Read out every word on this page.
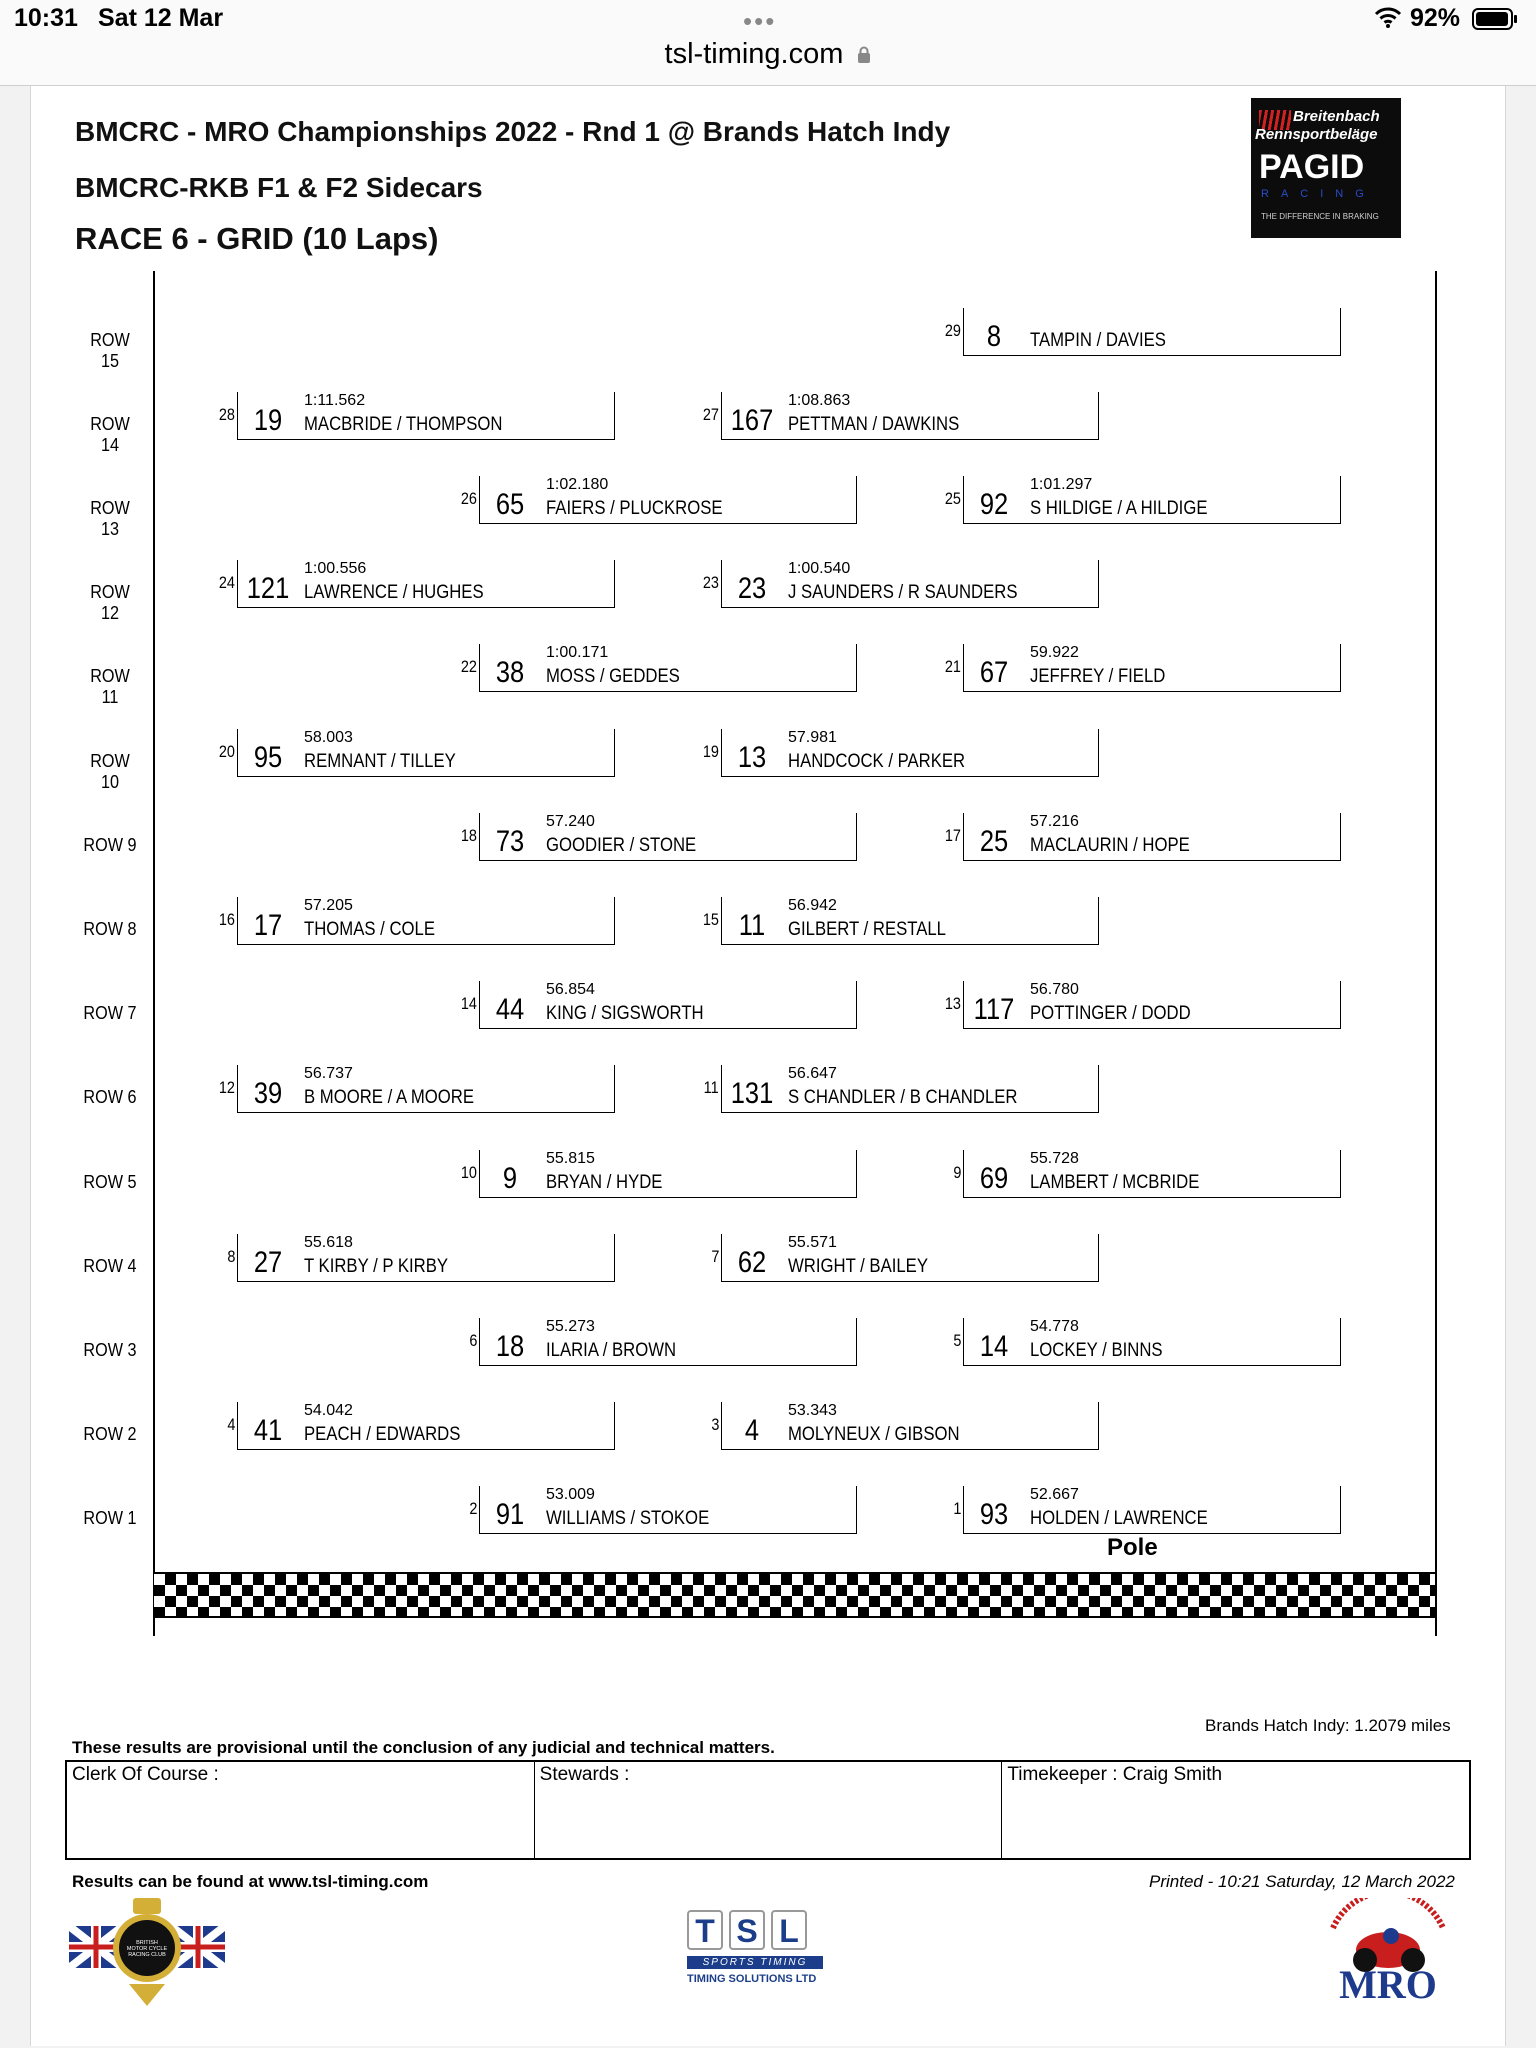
10:31 Sat 12 Mar	•••
tsl-timing.com
92%
BMCRC - MRO Championships 2022 - Rnd 1 @ Brands Hatch Indy
BMCRC-RKB F1 & F2 Sidecars
RACE 6 - GRID (10 Laps)
Breitenbach
Rennsportbeläge
PAGID
RACING
THE DIFFERENCE IN BRAKING
ROW 15
ROW 14
ROW 13
ROW 12
ROW 11
ROW 10
ROW 9
ROW 8
ROW 7
ROW 6
ROW 5
ROW 4
ROW 3
ROW 2
ROW 1
29 8	TAMPIN / DAVIES
28 19
1:11.562
MACBRIDE / THOMPSON	27 167
1:08.863
PETTMAN / DAWKINS
26 65
1:02.180
FAIERS / PLUCKROSE	25 92
1:01.297
S HILDIGE / A HILDIGE
24 121
1:00.556
LAWRENCE / HUGHES	23 23
1:00.540
J SAUNDERS / R SAUNDERS
22 38
1:00.171
MOSS / GEDDES	21 67
59.922
JEFFREY / FIELD
20 95
58.003
REMNANT / TILLEY	19 13
57.981
HANDCOCK / PARKER
18 73
57.240
GOODIER / STONE	17 25
57.216
MACLAURIN / HOPE
16 17
57.205
THOMAS / COLE	15 11
56.942
GILBERT / RESTALL
14 44
56.854
KING / SIGSWORTH	13 117
56.780
POTTINGER / DODD
12 39
56.737
B MOORE / A MOORE	11 131
56.647
S CHANDLER / B CHANDLER
10 9
55.815
BRYAN / HYDE	9 69
55.728
LAMBERT / MCBRIDE
8 27
55.618
T KIRBY / P KIRBY	7 62
55.571
WRIGHT / BAILEY
6 18
55.273
ILARIA / BROWN	5 14
54.778
LOCKEY / BINNS
4 41
54.042
PEACH / EDWARDS	3 4
53.343
MOLYNEUX / GIBSON
2 91
53.009
WILLIAMS / STOKOE	1 93
52.667
HOLDEN / LAWRENCE
Pole
Brands Hatch Indy: 1.2079 miles
These results are provisional until the conclusion of any judicial and technical matters.
Clerk Of Course :	Stewards :	Timekeeper : Craig Smith
Results can be found at www.tsl-timing.com	Printed - 10:21 Saturday, 12 March 2022
BRITISH
MOTOR CYCLE
RACING CLUB
T S L
SPORTS TIMING
TIMING SOLUTIONS LTD	MRO
